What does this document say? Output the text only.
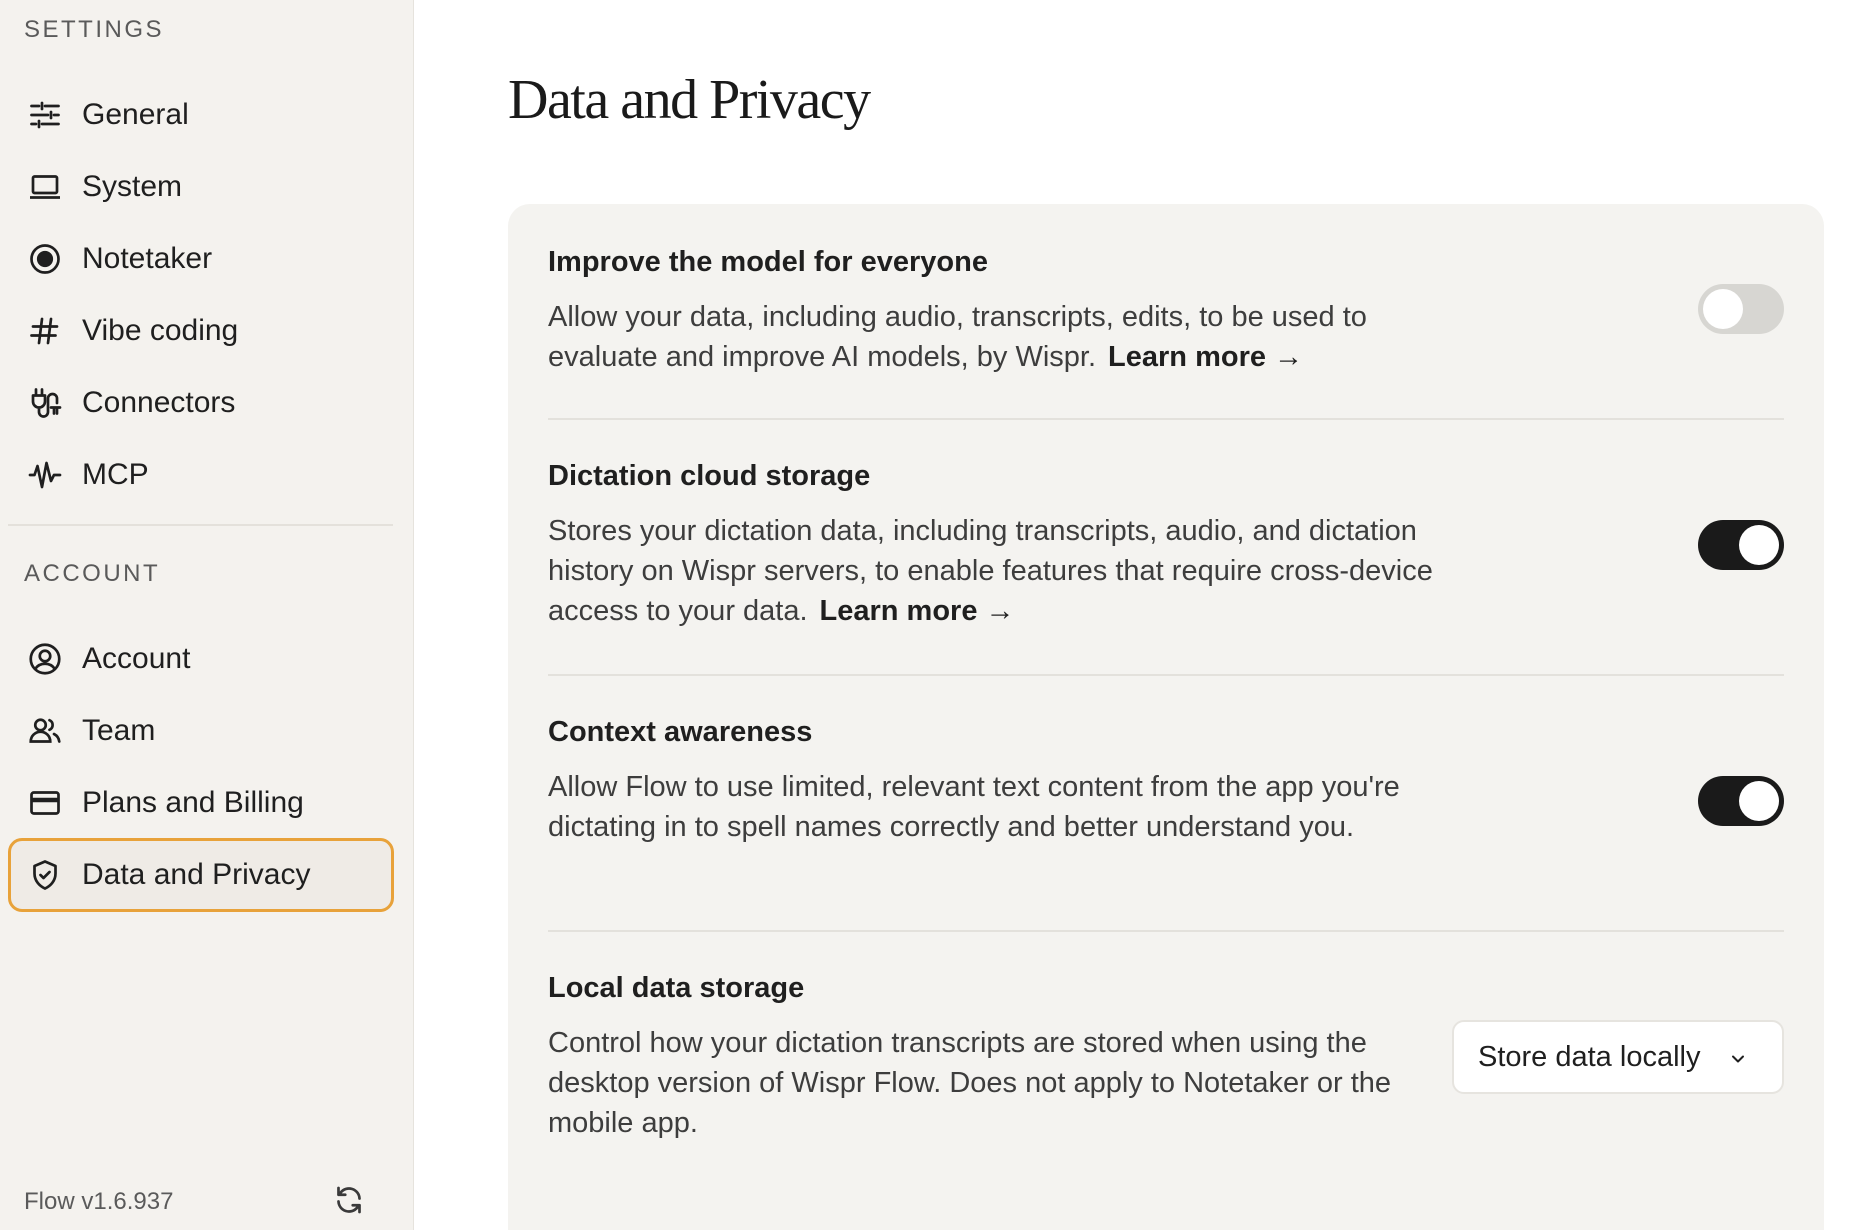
SETTINGS
General
System
Notetaker
Vibe coding
Connectors
MCP
ACCOUNT
Account
Team
Plans and Billing
Data and Privacy
Flow v1.6.937
Data and Privacy
Improve the model for everyone
Allow your data, including audio, transcripts, edits, to be used to evaluate and improve AI models, by Wispr. Learn more →
Dictation cloud storage
Stores your dictation data, including transcripts, audio, and dictation history on Wispr servers, to enable features that require cross-device access to your data. Learn more →
Context awareness
Allow Flow to use limited, relevant text content from the app you're dictating in to spell names correctly and better understand you.
Local data storage
Control how your dictation transcripts are stored when using the desktop version of Wispr Flow. Does not apply to Notetaker or the mobile app.
Store data locally
